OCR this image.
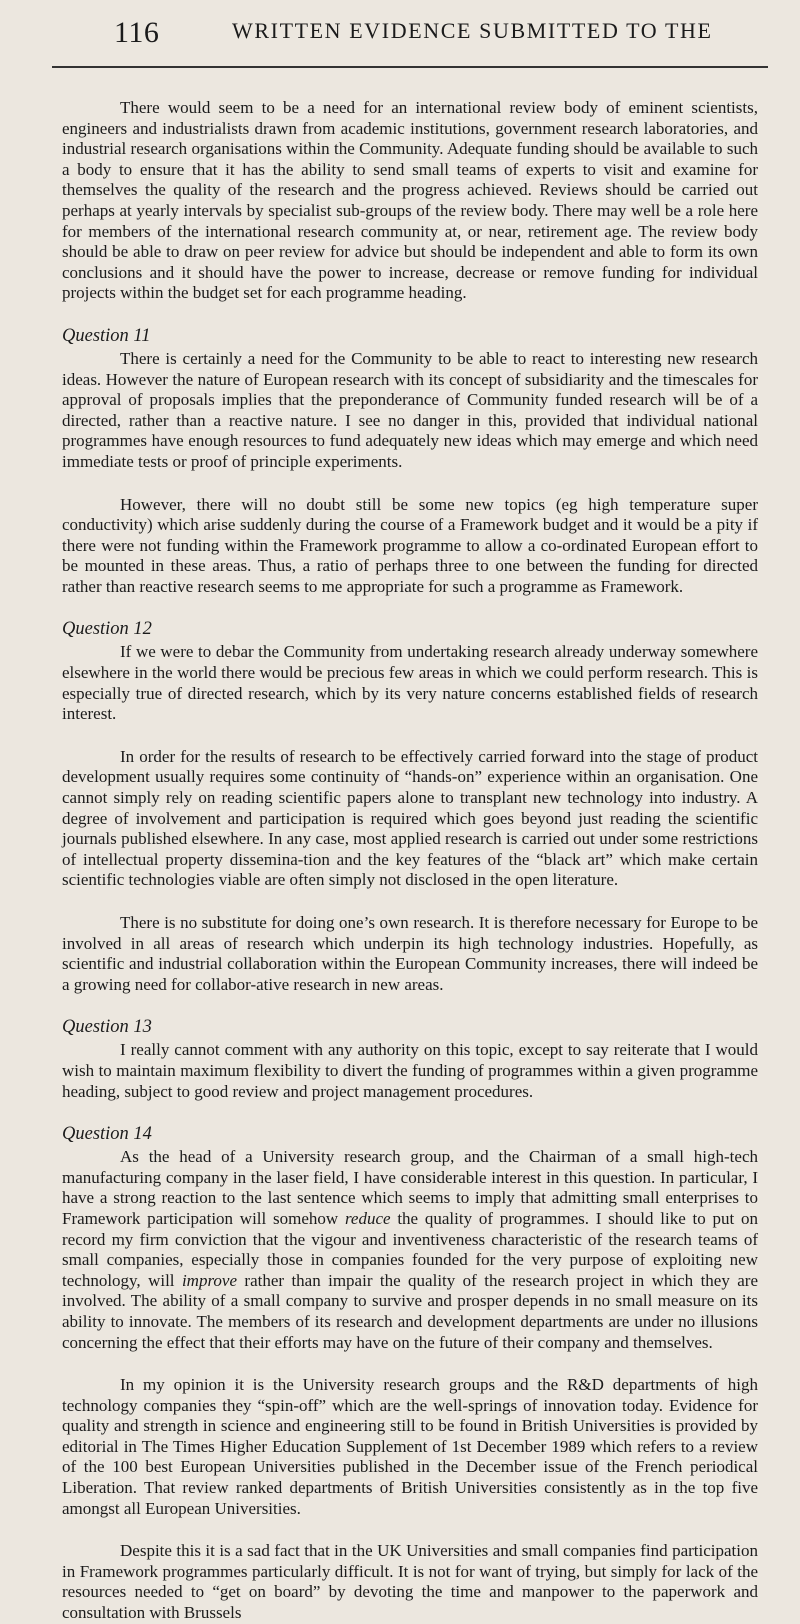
116	WRITTEN EVIDENCE SUBMITTED TO THE

There would seem to be a need for an international review body of eminent scientists, engineers and industrialists drawn from academic institutions, government research laboratories, and industrial research organisations within the Community. Adequate funding should be available to such a body to ensure that it has the ability to send small teams of experts to visit and examine for themselves the quality of the research and the progress achieved. Reviews should be carried out perhaps at yearly intervals by specialist sub-groups of the review body. There may well be a role here for members of the international research community at, or near, retirement age. The review body should be able to draw on peer review for advice but should be independent and able to form its own conclusions and it should have the power to increase, decrease or remove funding for individual projects within the budget set for each programme heading.

Question 11

There is certainly a need for the Community to be able to react to interesting new research ideas. However the nature of European research with its concept of subsidiarity and the timescales for approval of proposals implies that the preponderance of Community funded research will be of a directed, rather than a reactive nature. I see no danger in this, provided that individual national programmes have enough resources to fund adequately new ideas which may emerge and which need immediate tests or proof of principle experiments.

However, there will no doubt still be some new topics (eg high temperature super conductivity) which arise suddenly during the course of a Framework budget and it would be a pity if there were not funding within the Framework programme to allow a co-ordinated European effort to be mounted in these areas. Thus, a ratio of perhaps three to one between the funding for directed rather than reactive research seems to me appropriate for such a programme as Framework.

Question 12

If we were to debar the Community from undertaking research already underway somewhere elsewhere in the world there would be precious few areas in which we could perform research. This is especially true of directed research, which by its very nature concerns established fields of research interest.

In order for the results of research to be effectively carried forward into the stage of product development usually requires some continuity of “hands-on” experience within an organisation. One cannot simply rely on reading scientific papers alone to transplant new technology into industry. A degree of involvement and participation is required which goes beyond just reading the scientific journals published elsewhere. In any case, most applied research is carried out under some restrictions of intellectual property dissemina-tion and the key features of the “black art” which make certain scientific technologies viable are often simply not disclosed in the open literature.

There is no substitute for doing one’s own research. It is therefore necessary for Europe to be involved in all areas of research which underpin its high technology industries. Hopefully, as scientific and industrial collaboration within the European Community increases, there will indeed be a growing need for collabor-ative research in new areas.

Question 13

I really cannot comment with any authority on this topic, except to say reiterate that I would wish to maintain maximum flexibility to divert the funding of programmes within a given programme heading, subject to good review and project management procedures.

Question 14

As the head of a University research group, and the Chairman of a small high-tech manufacturing company in the laser field, I have considerable interest in this question. In particular, I have a strong reaction to the last sentence which seems to imply that admitting small enterprises to Framework participation will somehow reduce the quality of programmes. I should like to put on record my firm conviction that the vigour and inventiveness characteristic of the research teams of small companies, especially those in companies founded for the very purpose of exploiting new technology, will improve rather than impair the quality of the research project in which they are involved. The ability of a small company to survive and prosper depends in no small measure on its ability to innovate. The members of its research and development departments are under no illusions concerning the effect that their efforts may have on the future of their company and themselves.

In my opinion it is the University research groups and the R&D departments of high technology companies they “spin-off” which are the well-springs of innovation today. Evidence for quality and strength in science and engineering still to be found in British Universities is provided by editorial in The Times Higher Education Supplement of 1st December 1989 which refers to a review of the 100 best European Universities published in the December issue of the French periodical Liberation. That review ranked departments of British Universities consistently as in the top five amongst all European Universities.

Despite this it is a sad fact that in the UK Universities and small companies find participation in Framework programmes particularly difficult. It is not for want of trying, but simply for lack of the resources needed to “get on board” by devoting the time and manpower to the paperwork and consultation with Brussels
